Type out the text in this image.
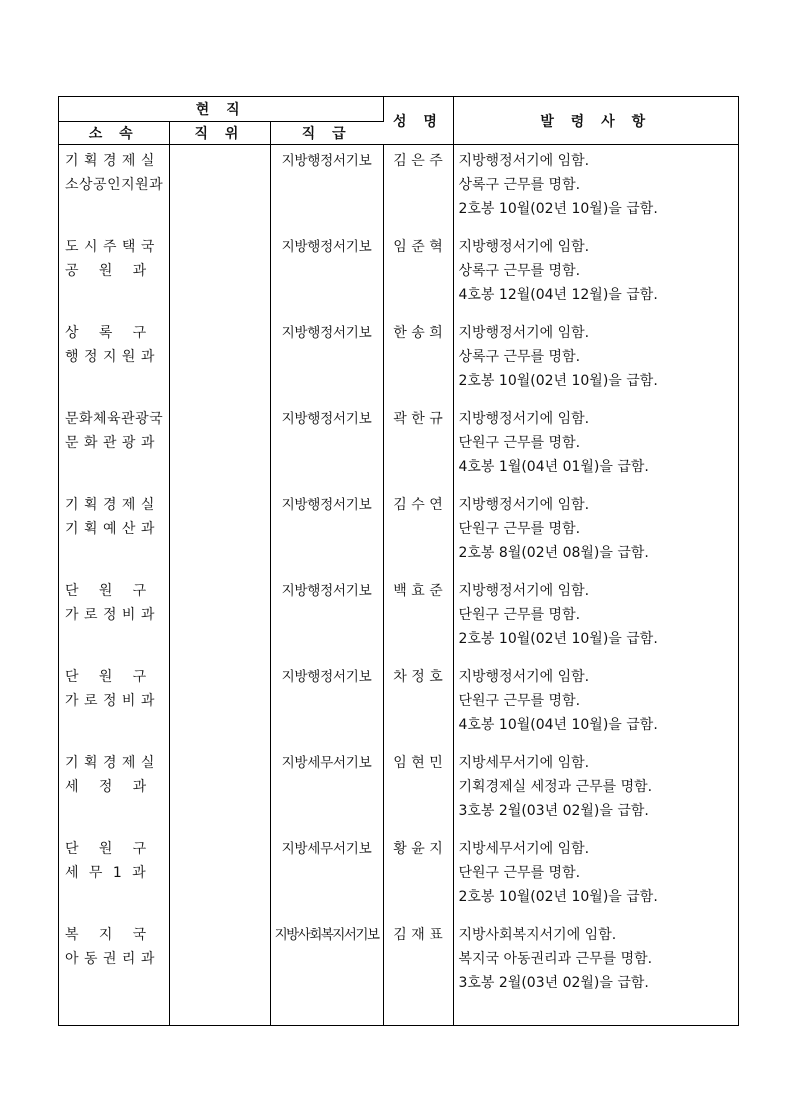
현 직			성 명	발 령 사 항
소 속	직 위	직 급		

기 획 경 제 실
소상공인지원과		지방행정서기보	김 은 주	지방행정서기에 임함.
상록구 근무를 명함.
2호봉 10월(02년 10월)을 급함.

도 시 주 택 국
공    원    과		지방행정서기보	임 준 혁	지방행정서기에 임함.
상록구 근무를 명함.
4호봉 12월(04년 12월)을 급함.

상    록    구
행 정 지 원 과		지방행정서기보	한 송 희	지방행정서기에 임함.
상록구 근무를 명함.
2호봉 10월(02년 10월)을 급함.

문화체육관광국
문 화 관 광 과		지방행정서기보	곽 한 규	지방행정서기에 임함.
단원구 근무를 명함.
4호봉 1월(04년 01월)을 급함.

기 획 경 제 실
기 획 예 산 과		지방행정서기보	김 수 연	지방행정서기에 임함.
단원구 근무를 명함.
2호봉 8월(02년 08월)을 급함.

단    원    구
가 로 정 비 과		지방행정서기보	백 효 준	지방행정서기에 임함.
단원구 근무를 명함.
2호봉 10월(02년 10월)을 급함.

단    원    구
가 로 정 비 과		지방행정서기보	차 정 호	지방행정서기에 임함.
단원구 근무를 명함.
4호봉 10월(04년 10월)을 급함.

기 획 경 제 실
세    정    과		지방세무서기보	임 현 민	지방세무서기에 임함.
기획경제실 세정과 근무를 명함.
3호봉 2월(03년 02월)을 급함.

단    원    구
세  무  1  과		지방세무서기보	황 윤 지	지방세무서기에 임함.
단원구 근무를 명함.
2호봉 10월(02년 10월)을 급함.

복    지    국
아 동 권 리 과		지방사회복지서기보	김 재 표	지방사회복지서기에 임함.
복지국 아동권리과 근무를 명함.
3호봉 2월(03년 02월)을 급함.
